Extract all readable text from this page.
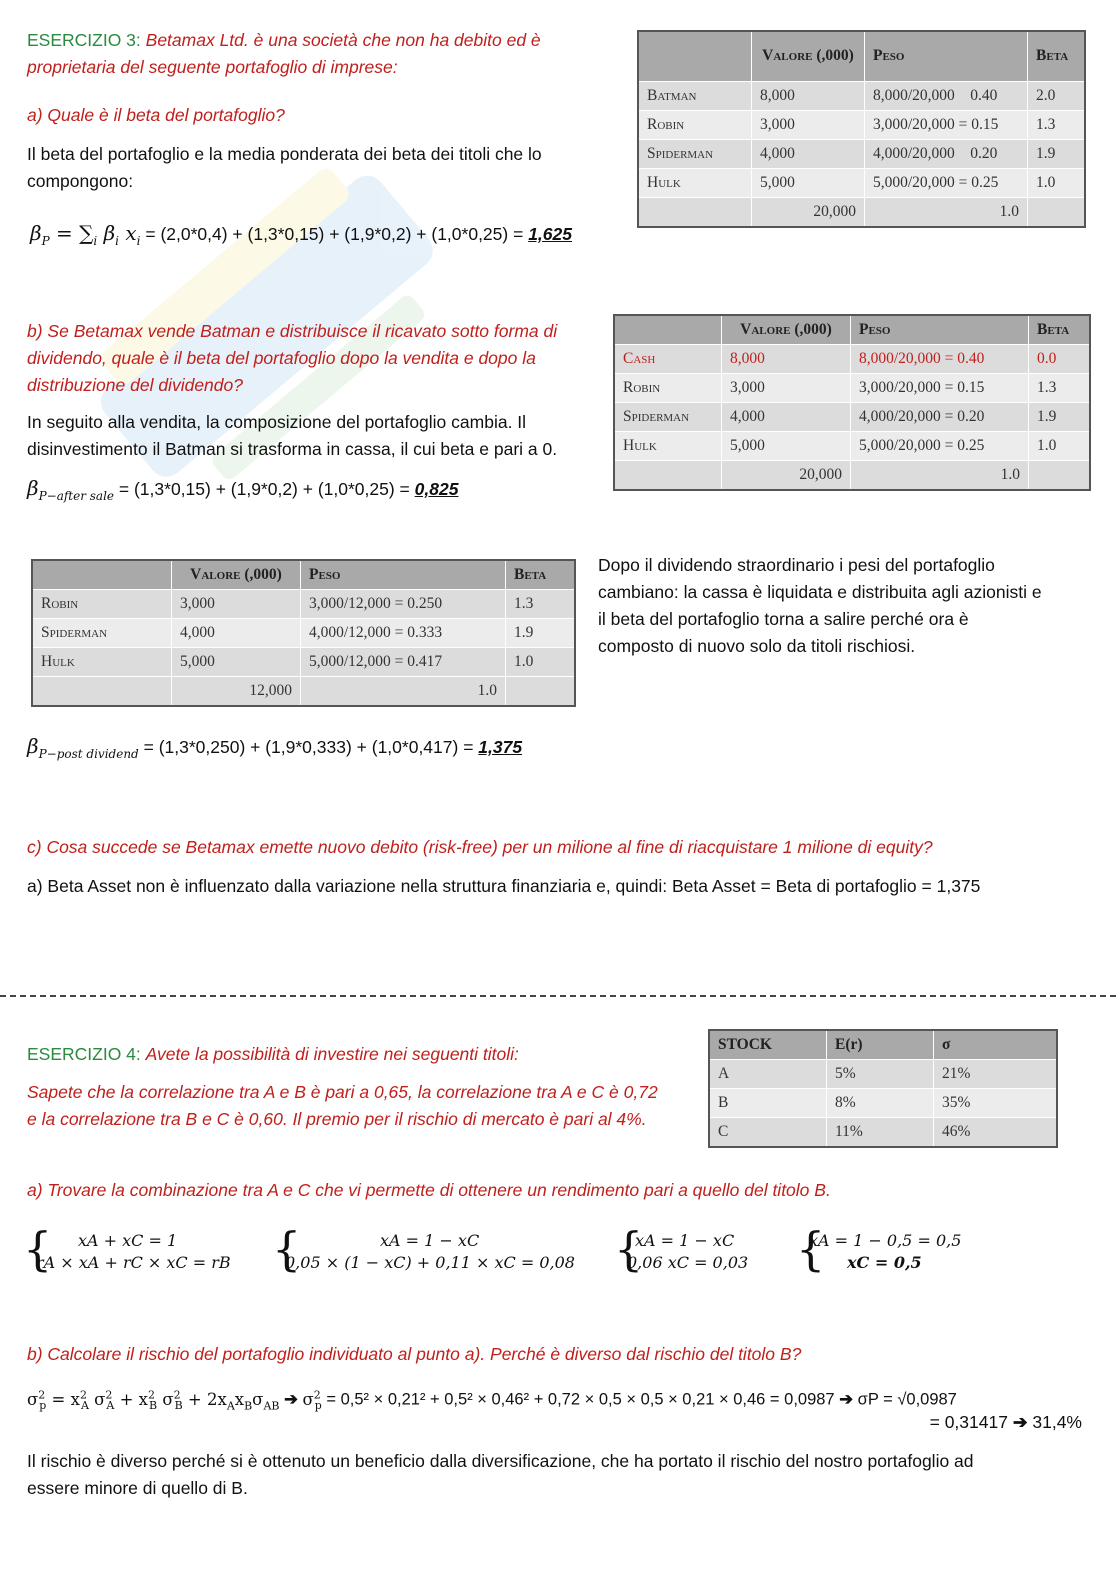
ESERCIZIO 3: Betamax Ltd. è una società che non ha debito ed è
proprietaria del seguente portafoglio di imprese:
a) Quale è il beta del portafoglio?
Il beta del portafoglio e la media ponderata dei beta dei titoli che lo
compongono:
$\beta_P = \sum_i$ $\beta_i$ $x_i = (2,0*0,4) + (1,3*0,15) + (1,9*0,2) + (1,0*0,25) = 1,625$
	Valore (,000)	Peso	Beta
Batman	8,000	8,000/20,000    0.40	2.0
Robin	3,000	3,000/20,000 = 0.15	1.3
Spiderman	4,000	4,000/20,000    0.20	1.9
Hulk	5,000	5,000/20,000 = 0.25	1.0
	20,000	1.0	
b) Se Betamax vende Batman e distribuisce il ricavato sotto forma di
dividendo, quale è il beta del portafoglio dopo la vendita e dopo la
distribuzione del dividendo?
In seguito alla vendita, la composizione del portafoglio cambia. Il
disinvestimento il Batman si trasforma in cassa, il cui beta e pari a 0.
$\beta_{P-after sale} = (1,3*0,15) + (1,9*0,2) + (1,0*0,25) = 0,825$
	Valore (,000)	Peso	Beta
Cash	8,000	8,000/20,000 = 0.40	0.0
Robin	3,000	3,000/20,000 = 0.15	1.3
Spiderman	4,000	4,000/20,000 = 0.20	1.9
Hulk	5,000	5,000/20,000 = 0.25	1.0
	20,000	1.0	
	Valore (,000)	Peso	Beta
Robin	3,000	3,000/12,000 = 0.250	1.3
Spiderman	4,000	4,000/12,000 = 0.333	1.9
Hulk	5,000	5,000/12,000 = 0.417	1.0
	12,000	1.0	
Dopo il dividendo straordinario i pesi del portafoglio
cambiano: la cassa è liquidata e distribuita agli azionisti e
il beta del portafoglio torna a salire perché ora è
composto di nuovo solo da titoli rischiosi.
$\beta_{P-post dividend} = (1,3*0,250) + (1,9*0,333) + (1,0*0,417) = 1,375$
c) Cosa succede se Betamax emette nuovo debito (risk-free) per un milione al fine di riacquistare 1 milione di equity?
a) Beta Asset non è influenzato dalla variazione nella struttura finanziaria e, quindi: Beta Asset = Beta di portafoglio = 1,375
ESERCIZIO 4: Avete la possibilità di investire nei seguenti titoli:
Sapete che la correlazione tra A e B è pari a 0,65, la correlazione tra A e C è 0,72
e la correlazione tra B e C è 0,60. Il premio per il rischio di mercato è pari al 4%.
STOCK	E(r)	σ
A	5%	21%
B	8%	35%
C	11%	46%
a) Trovare la combinazione tra A e C che vi permette di ottenere un rendimento pari a quello del titolo B.
{	xA + xC = 1
rA × xA + rC × xC = rB {	xA = 1 − xC
0,05 × (1 − xC) + 0,11 × xC = 0,08 {
xA = 1 − xC
0,06 xC = 0,03 {
xA = 1 − 0,5 = 0,5
xC = 0,5
b) Calcolare il rischio del portafoglio individuato al punto a). Perché è diverso dal rischio del titolo B?
$\sigma^2_p = x^2_A$ $\sigma^2_A + x^2_B$ $\sigma^2_B + 2x_Ax_B\sigma_{AB}$ ➔ $\sigma^2_p = 0,5^2 \times 0,21^2 + 0,5^2 \times 0,46^2 + 0,72 \times 0,5 \times 0,5 \times 0,21 \times 0,46 = 0,0987$ ➔ σP = √0,0987
= 0,31417 ➔ 31,4%
Il rischio è diverso perché si è ottenuto un beneficio dalla diversificazione, che ha portato il rischio del nostro portafoglio ad
essere minore di quello di B.
